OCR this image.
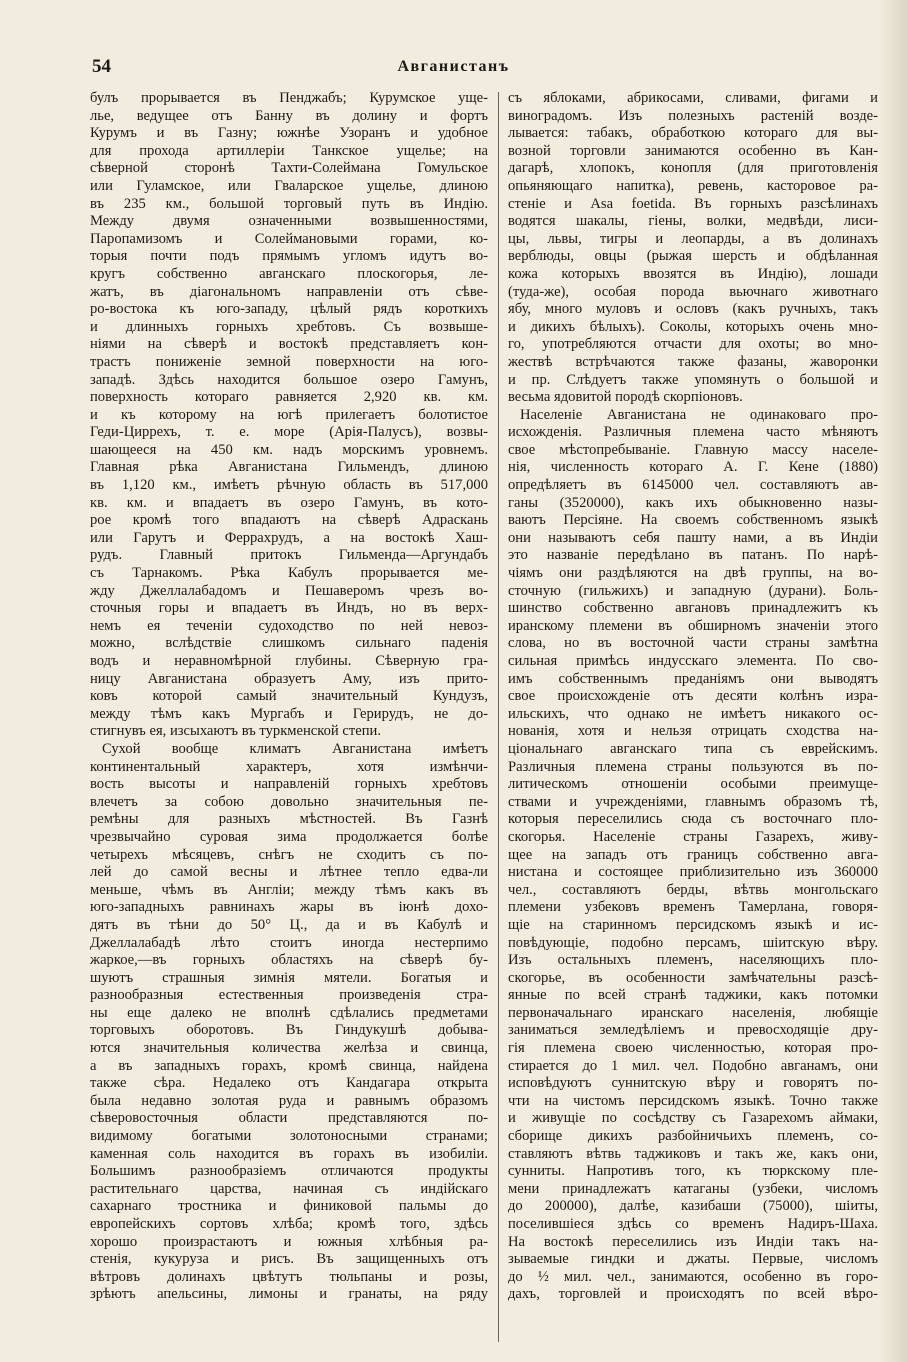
54	Авганистанъ
булъ прорывается въ Пенджабъ; Курумское уще-
лье, ведущее отъ Банну въ долину и фортъ
Курумъ и въ Газну; южнѣе Узоранъ и удобное
для прохода артиллеріи Танкское ущелье; на
сѣверной сторонѣ Тахти-Солеймана Гомульское
или Гуламское, или Гваларское ущелье, длиною
въ 235 км., большой торговый путь въ Индію.
Между двумя означенными возвышенностями,
Паропамизомъ и Солеймановыми горами, ко-
торыя почти подъ прямымъ угломъ идутъ во-
кругъ собственно авганскаго плоскогорья, ле-
жатъ, въ діагональномъ направленіи отъ сѣве-
ро-востока къ юго-западу, цѣлый рядъ короткихъ
и длинныхъ горныхъ хребтовъ. Съ возвыше-
ніями на сѣверѣ и востокѣ представляетъ кон-
трастъ пониженіе земной поверхности на юго-
западѣ. Здѣсь находится большое озеро Гамунъ,
поверхность котораго равняется 2,920 кв. км.
и къ которому на югѣ прилегаетъ болотистое
Геди-Циррехъ, т. е. море (Арія-Палусъ), возвы-
шающееся на 450 км. надъ морскимъ уровнемъ.
Главная рѣка Авганистана Гильмендъ, длиною
въ 1,120 км., имѣетъ рѣчную область въ 517,000
кв. км. и впадаетъ въ озеро Гамунъ, въ кото-
рое кромѣ того впадаютъ на сѣверѣ Адраскань
или Гарутъ и Феррахрудъ, а на востокѣ Хаш-
рудъ. Главный притокъ Гильменда—Аргундабъ
съ Тарнакомъ. Рѣка Кабулъ прорывается ме-
жду Джеллалабадомъ и Пешаверомъ чрезъ во-
сточныя горы и впадаетъ въ Индъ, но въ верх-
немъ ея теченіи судоходство по ней невоз-
можно, вслѣдствіе слишкомъ сильнаго паденія
водъ и неравномѣрной глубины. Сѣверную гра-
ницу Авганистана образуетъ Аму, изъ прито-
ковъ которой самый значительный Кундузъ,
между тѣмъ какъ Мургабъ и Герирудъ, не до-
стигнувъ ея, изсыхаютъ въ туркменской степи.
Сухой вообще климатъ Авганистана имѣетъ
континентальный характеръ, хотя измѣнчи-
вость высоты и направленій горныхъ хребтовъ
влечетъ за собою довольно значительныя пе-
ремѣны для разныхъ мѣстностей. Въ Газнѣ
чрезвычайно суровая зима продолжается болѣе
четырехъ мѣсяцевъ, снѣгъ не сходитъ съ по-
лей до самой весны и лѣтнее тепло едва-ли
меньше, чѣмъ въ Англіи; между тѣмъ какъ въ
юго-западныхъ равнинахъ жары въ іюнѣ дохо-
дятъ въ тѣни до 50° Ц., да и въ Кабулѣ и
Джеллалабадѣ лѣто стоитъ иногда нестерпимо
жаркое,—въ горныхъ областяхъ на сѣверѣ бу-
шуютъ страшныя зимнія мятели. Богатыя и
разнообразныя естественныя произведенія стра-
ны еще далеко не вполнѣ сдѣлались предметами
торговыхъ оборотовъ. Въ Гиндукушѣ добыва-
ются значительныя количества желѣза и свинца,
а въ западныхъ горахъ, кромѣ свинца, найдена
также сѣра. Недалеко отъ Кандагара открыта
была недавно золотая руда и равнымъ образомъ
сѣверовосточныя области представляются по-
видимому богатыми золотоносными странами;
каменная соль находится въ горахъ въ изобиліи.
Большимъ разнообразіемъ отличаются продукты
растительнаго царства, начиная съ индійскаго
сахарнаго тростника и финиковой пальмы до
европейскихъ сортовъ хлѣба; кромѣ того, здѣсь
хорошо произрастаютъ и южныя хлѣбныя ра-
стенія, кукуруза и рисъ. Въ защищенныхъ отъ
вѣтровъ долинахъ цвѣтутъ тюльпаны и розы,
зрѣютъ апельсины, лимоны и гранаты, на ряду
съ яблоками, абрикосами, сливами, фигами и
виноградомъ. Изъ полезныхъ растеній возде-
лывается: табакъ, обработкою котораго для вы-
возной торговли занимаются особенно въ Кан-
дагарѣ, хлопокъ, конопля (для приготовленія
опьяняющаго напитка), ревень, касторовое ра-
стеніе и Asa foetida. Въ горныхъ разсѣлинахъ
водятся шакалы, гіены, волки, медвѣди, лиси-
цы, львы, тигры и леопарды, а въ долинахъ
верблюды, овцы (рыжая шерсть и обдѣланная
кожа которыхъ ввозятся въ Индію), лошади
(туда-же), особая порода вьючнаго животнаго
ябу, много муловъ и ословъ (какъ ручныхъ, такъ
и дикихъ бѣлыхъ). Соколы, которыхъ очень мно-
го, употребляются отчасти для охоты; во мно-
жествѣ встрѣчаются также фазаны, жаворонки
и пр. Слѣдуетъ также упомянуть о большой и
весьма ядовитой породѣ скорпіоновъ.
Населеніе Авганистана не одинаковаго про-
исхожденія. Различныя племена часто мѣняютъ
свое мѣстопребываніе. Главную массу населе-
нія, численность котораго А. Г. Кене (1880)
опредѣляетъ въ 6145000 чел. составляютъ ав-
ганы (3520000), какъ ихъ обыкновенно назы-
ваютъ Персіяне. На своемъ собственномъ языкѣ
они называютъ себя пашту нами, а въ Индіи
это названіе передѣлано въ патанъ. По нарѣ-
чіямъ они раздѣляются на двѣ группы, на во-
сточную (гильжихъ) и западную (дурани). Боль-
шинство собственно авгановъ принадлежитъ къ
иранскому племени въ обширномъ значеніи этого
слова, но въ восточной части страны замѣтна
сильная примѣсь индусскаго элемента. По сво-
имъ собственнымъ преданіямъ они выводятъ
свое происхожденіе отъ десяти колѣнъ изра-
ильскихъ, что однако не имѣетъ никакого ос-
нованія, хотя и нельзя отрицать сходства на-
ціональнаго авганскаго типа съ еврейскимъ.
Различныя племена страны пользуются въ по-
литическомъ отношеніи особыми преимуще-
ствами и учрежденіями, главнымъ образомъ тѣ,
которыя переселились сюда съ восточнаго пло-
скогорья. Населеніе страны Газарехъ, живу-
щее на западъ отъ границъ собственно авга-
нистана и состоящее приблизительно изъ 360000
чел., составляютъ берды, вѣтвь монгольскаго
племени узбековъ временъ Тамерлана, говоря-
щіе на старинномъ персидскомъ языкѣ и ис-
повѣдующіе, подобно персамъ, шіитскую вѣру.
Изъ остальныхъ племенъ, населяющихъ пло-
скогорье, въ особенности замѣчательны разсѣ-
янные по всей странѣ таджики, какъ потомки
первоначальнаго иранскаго населенія, любящіе
заниматься земледѣліемъ и превосходящіе дру-
гія племена своею численностью, которая про-
стирается до 1 мил. чел. Подобно авганамъ, они
исповѣдуютъ суннитскую вѣру и говорятъ по-
чти на чистомъ персидскомъ языкѣ. Точно также
и живущіе по сосѣдству съ Газарехомъ аймаки,
сборище дикихъ разбойничьихъ племенъ, со-
ставляютъ вѣтвь таджиковъ и такъ же, какъ они,
сунниты. Напротивъ того, къ тюркскому пле-
мени принадлежатъ катаганы (узбеки, числомъ
до 200000), далѣе, казибаши (75000), шіиты,
поселившіеся здѣсь со временъ Надиръ-Шаха.
На востокѣ переселились изъ Индіи такъ на-
зываемые гиндки и джаты. Первые, числомъ
до ½ мил. чел., занимаются, особенно въ горо-
дахъ, торговлей и происходятъ по всей вѣро-
